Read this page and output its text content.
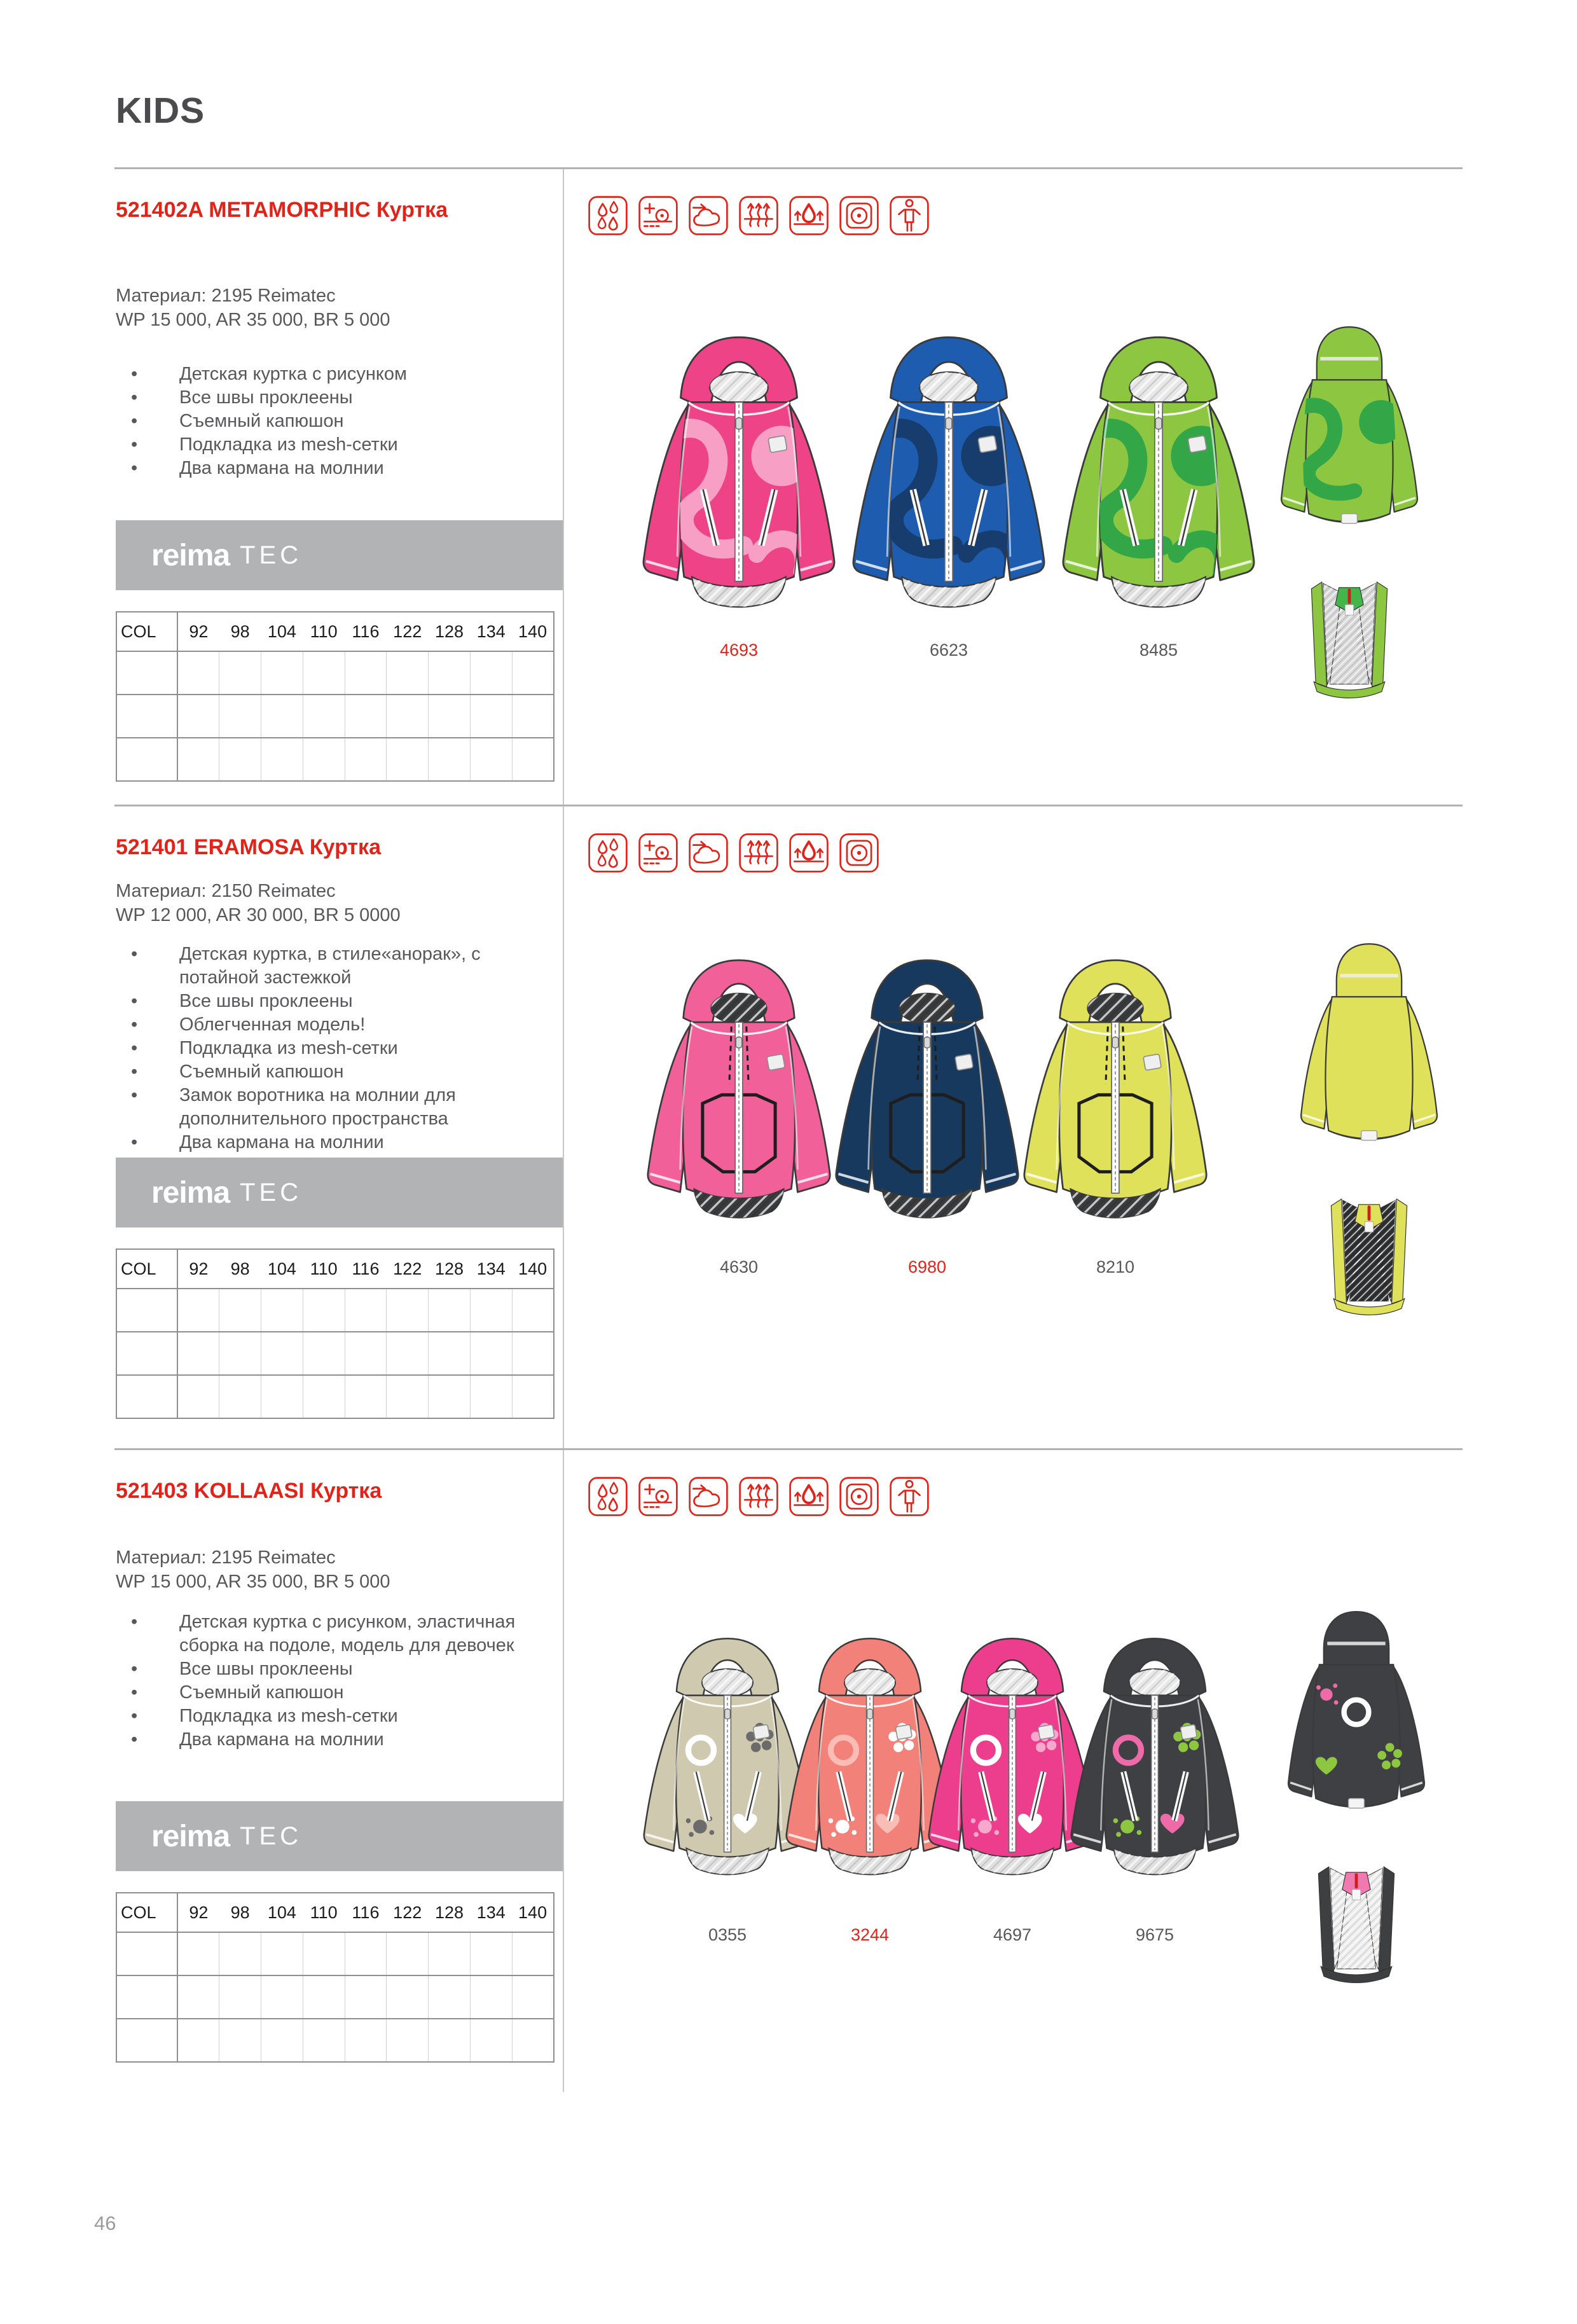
KIDS
521402A METAMORPHIC Куртка
Материал: 2195 Reimatec
WP 15 000, AR 35 000, BR 5 000
• Детская куртка с рисунком
• Все швы проклеены
• Съемный капюшон
• Подкладка из mesh-сетки
• Два кармана на молнии
reima TEC
COL	92	98	104	110	116	122	128	134	140

4693	6623	8485
521401 ERAMOSA Куртка
Материал: 2150 Reimatec
WP 12 000, AR 30 000, BR 5 0000
• Детская куртка, в стиле«анорак», с потайной застежкой
• Все швы проклеены
• Облегченная модель!
• Подкладка из mesh-сетки
• Съемный капюшон
• Замок воротника на молнии для дополнительного пространства
• Два кармана на молнии
reima TEC
COL	92	98	104	110	116	122	128	134	140

										4630	6980	8210
521403 KOLLAASI Куртка
Материал: 2195 Reimatec
WP 15 000, AR 35 000, BR 5 000
• Детская куртка с рисунком, эластичная сборка на подоле, модель для девочек
• Все швы проклеены
• Съемный капюшон
• Подкладка из mesh-сетки
• Два кармана на молнии
reima TEC
COL	92	98	104	110	116	122	128	134	140

0355	3244	4697	9675
46
